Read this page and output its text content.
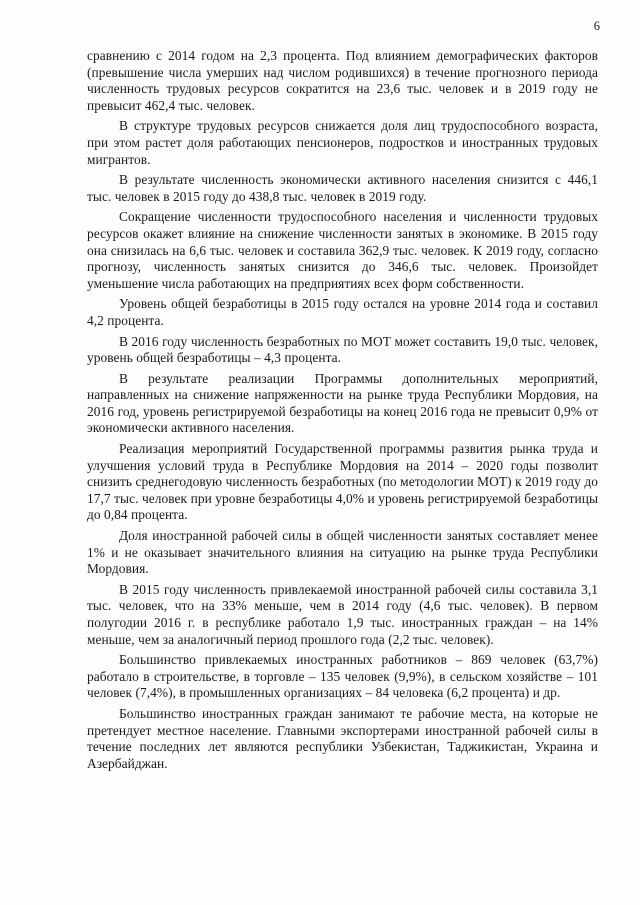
6

сравнению с 2014 годом на 2,3 процента. Под влиянием демографических факторов (превышение числа умерших над числом родившихся) в течение прогнозного периода численность трудовых ресурсов сократится на 23,6 тыс. человек и в 2019 году не превысит 462,4 тыс. человек.

В структуре трудовых ресурсов снижается доля лиц трудоспособного возраста, при этом растет доля работающих пенсионеров, подростков и иностранных трудовых мигрантов.

В результате численность экономически активного населения снизится с 446,1 тыс. человек в 2015 году до 438,8 тыс. человек в 2019 году.

Сокращение численности трудоспособного населения и численности трудовых ресурсов окажет влияние на снижение численности занятых в экономике. В 2015 году она снизилась на 6,6 тыс. человек и составила 362,9 тыс. человек. К 2019 году, согласно прогнозу, численность занятых снизится до 346,6 тыс. человек. Произойдет уменьшение числа работающих на предприятиях всех форм собственности.

Уровень общей безработицы в 2015 году остался на уровне 2014 года и составил 4,2 процента.

В 2016 году численность безработных по МОТ может составить 19,0 тыс. человек, уровень общей безработицы – 4,3 процента.

В результате реализации Программы дополнительных мероприятий, направленных на снижение напряженности на рынке труда Республики Мордовия, на 2016 год, уровень регистрируемой безработицы на конец 2016 года не превысит 0,9% от экономически активного населения.

Реализация мероприятий Государственной программы развития рынка труда и улучшения условий труда в Республике Мордовия на 2014 – 2020 годы позволит снизить среднегодовую численность безработных (по методологии МОТ) к 2019 году до 17,7 тыс. человек при уровне безработицы 4,0% и уровень регистрируемой безработицы до 0,84 процента.

Доля иностранной рабочей силы в общей численности занятых составляет менее 1% и не оказывает значительного влияния на ситуацию на рынке труда Республики Мордовия.

В 2015 году численность привлекаемой иностранной рабочей силы составила 3,1 тыс. человек, что на 33% меньше, чем в 2014 году (4,6 тыс. человек). В первом полугодии 2016 г. в республике работало 1,9 тыс. иностранных граждан – на 14% меньше, чем за аналогичный период прошлого года (2,2 тыс. человек).

Большинство привлекаемых иностранных работников – 869 человек (63,7%) работало в строительстве, в торговле – 135 человек (9,9%), в сельском хозяйстве – 101 человек (7,4%), в промышленных организациях – 84 человека (6,2 процента) и др.

Большинство иностранных граждан занимают те рабочие места, на которые не претендует местное население. Главными экспортерами иностранной рабочей силы в течение последних лет являются республики Узбекистан, Таджикистан, Украина и Азербайджан.
